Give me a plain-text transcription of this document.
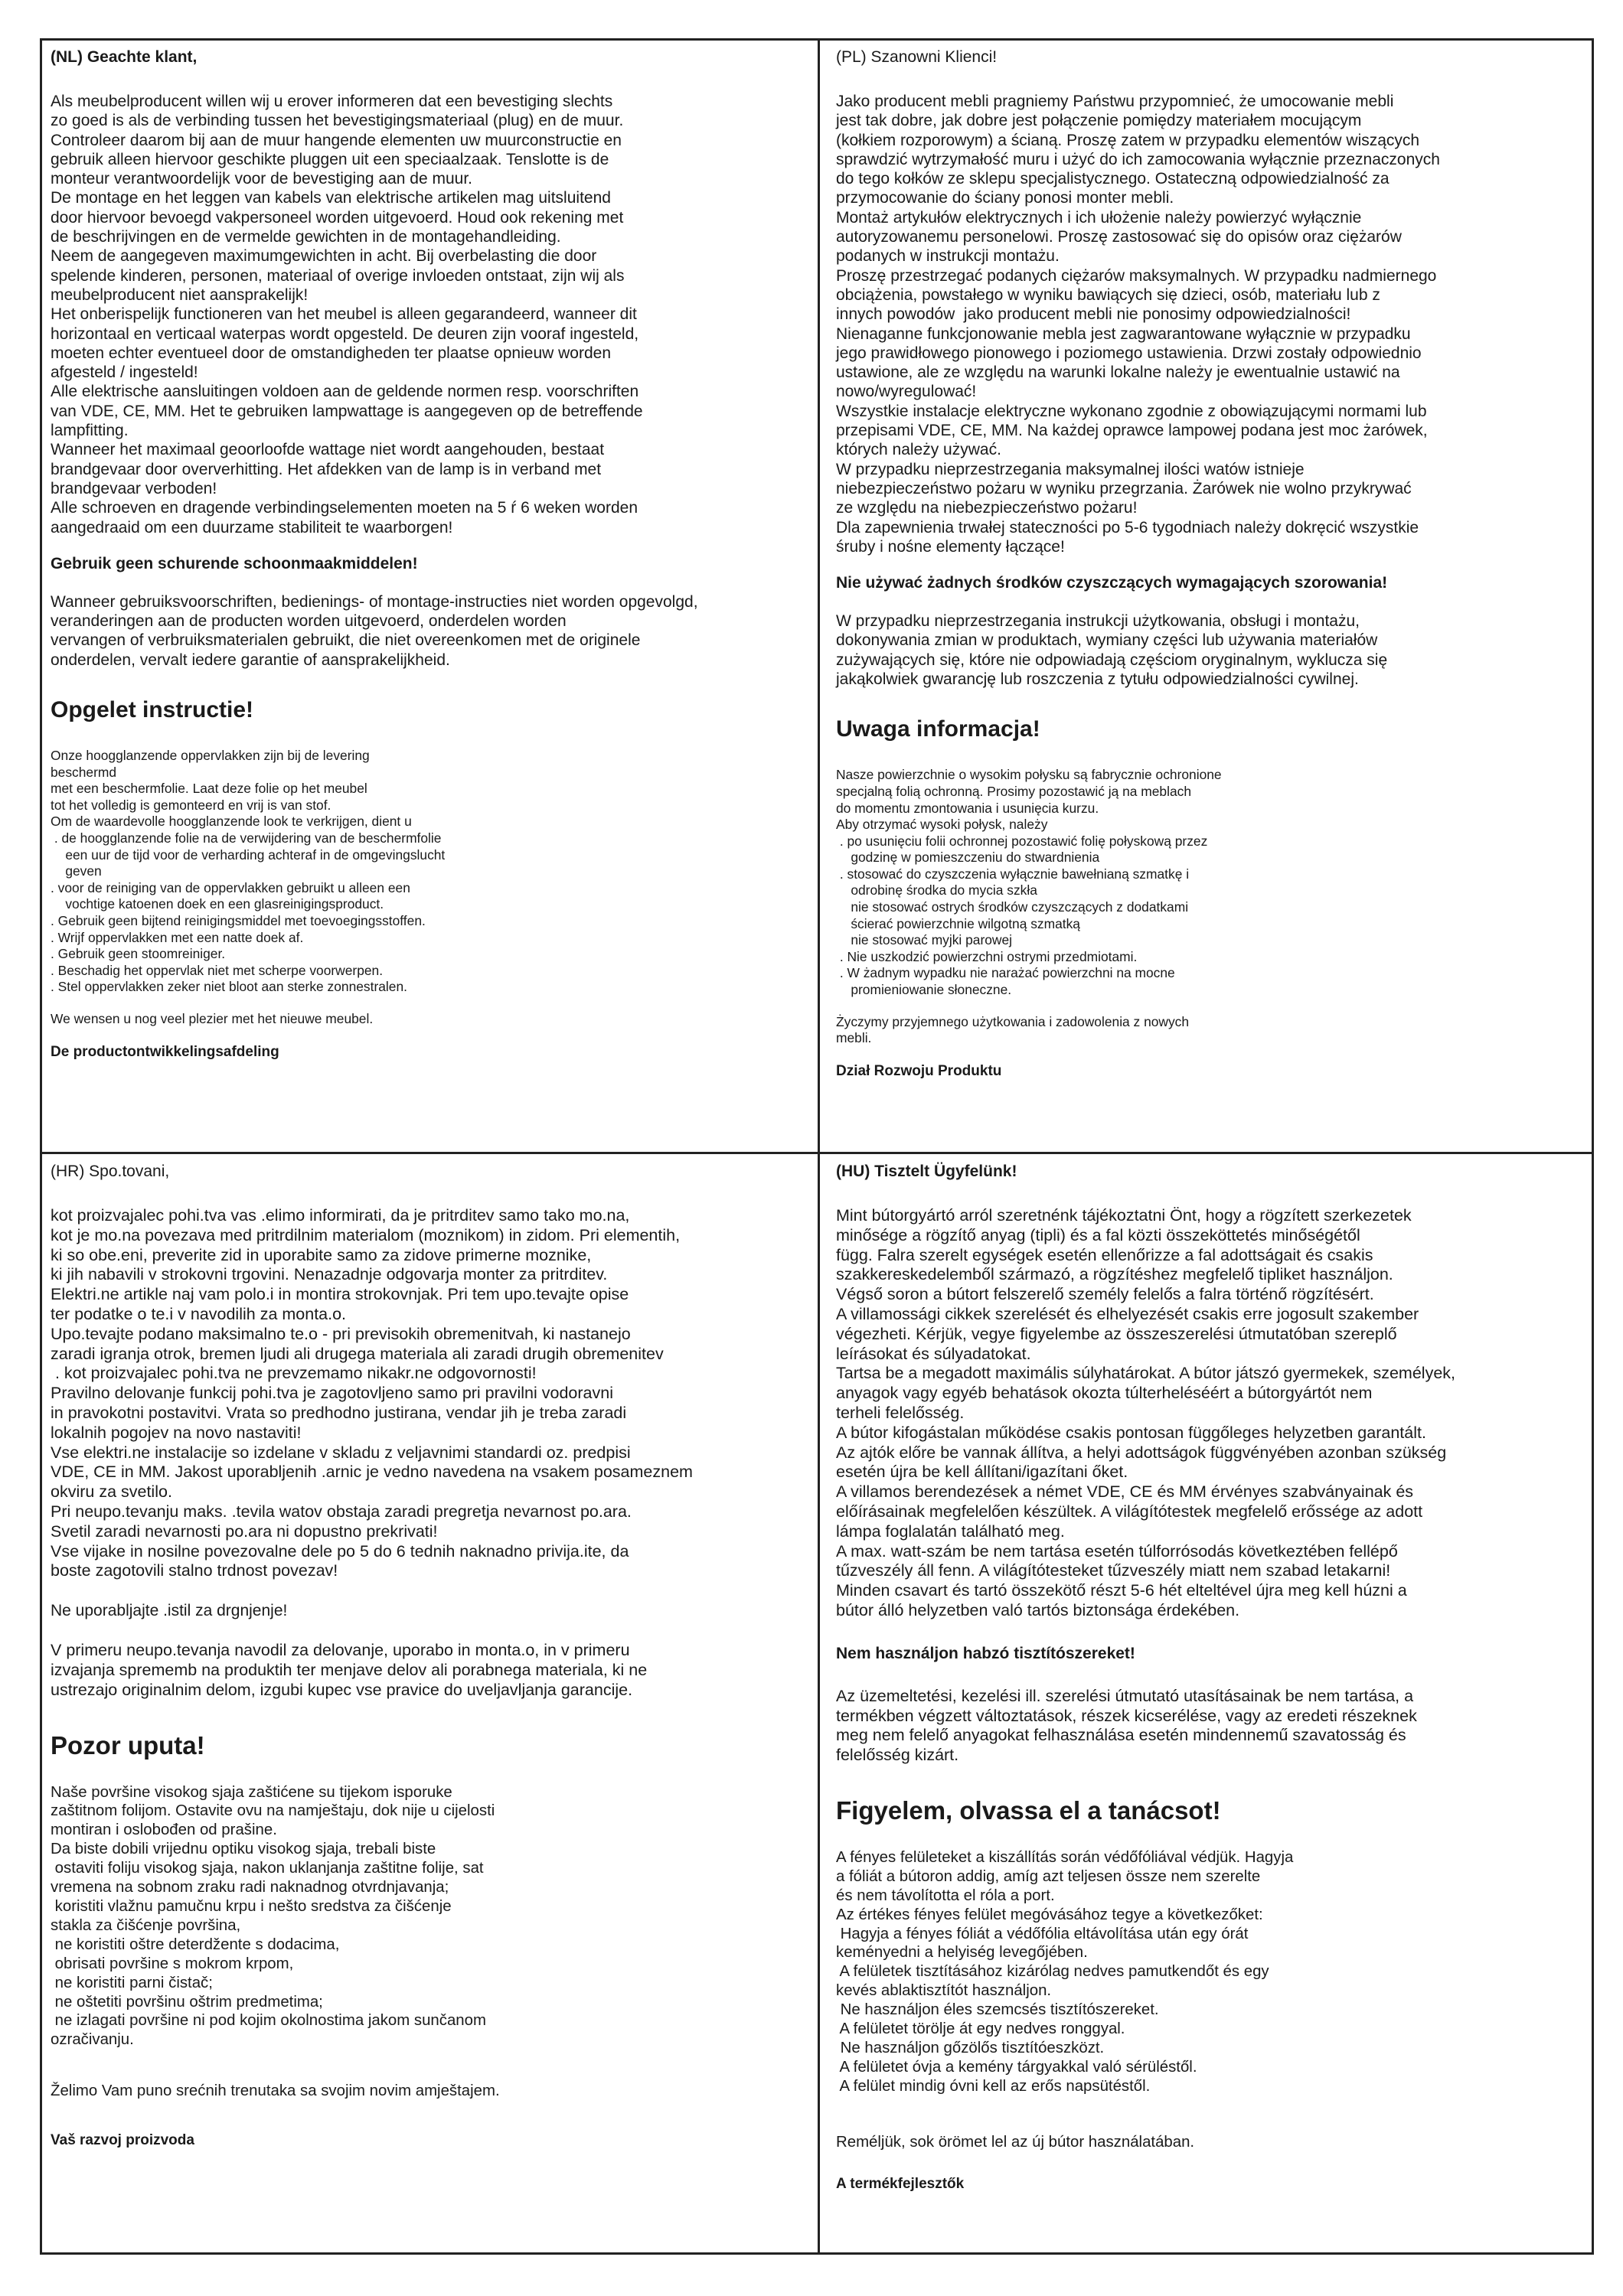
(NL) Geachte klant,
Als meubelproducent willen wij u erover informeren dat een bevestiging slechts
zo goed is als de verbinding tussen het bevestigingsmateriaal (plug) en de muur.
Controleer daarom bij aan de muur hangende elementen uw muurconstructie en
gebruik alleen hiervoor geschikte pluggen uit een speciaalzaak. Tenslotte is de
monteur verantwoordelijk voor de bevestiging aan de muur.
De montage en het leggen van kabels van elektrische artikelen mag uitsluitend
door hiervoor bevoegd vakpersoneel worden uitgevoerd. Houd ook rekening met
de beschrijvingen en de vermelde gewichten in de montagehandleiding.
Neem de aangegeven maximumgewichten in acht. Bij overbelasting die door
spelende kinderen, personen, materiaal of overige invloeden ontstaat, zijn wij als
meubelproducent niet aansprakelijk!
Het onberispelijk functioneren van het meubel is alleen gegarandeerd, wanneer dit
horizontaal en verticaal waterpas wordt opgesteld. De deuren zijn vooraf ingesteld,
moeten echter eventueel door de omstandigheden ter plaatse opnieuw worden
afgesteld / ingesteld!
Alle elektrische aansluitingen voldoen aan de geldende normen resp. voorschriften
van VDE, CE, MM. Het te gebruiken lampwattage is aangegeven op de betreffende
lampfitting.
Wanneer het maximaal geoorloofde wattage niet wordt aangehouden, bestaat
brandgevaar door oververhitting. Het afdekken van de lamp is in verband met
brandgevaar verboden!
Alle schroeven en dragende verbindingselementen moeten na 5 ŕ 6 weken worden
aangedraaid om een duurzame stabiliteit te waarborgen!
Gebruik geen schurende schoonmaakmiddelen!
Wanneer gebruiksvoorschriften, bedienings- of montage-instructies niet worden opgevolgd,
veranderingen aan de producten worden uitgevoerd, onderdelen worden
vervangen of verbruiksmaterialen gebruikt, die niet overeenkomen met de originele
onderdelen, vervalt iedere garantie of aansprakelijkheid.
Opgelet instructie!
Onze hoogglanzende oppervlakken zijn bij de levering
beschermd
met een beschermfolie. Laat deze folie op het meubel
tot het volledig is gemonteerd en vrij is van stof.
Om de waardevolle hoogglanzende look te verkrijgen, dient u
. de hoogglanzende folie na de verwijdering van de beschermfolie
een uur de tijd voor de verharding achteraf in de omgevingslucht
geven
. voor de reiniging van de oppervlakken gebruikt u alleen een
vochtige katoenen doek en een glasreinigingsproduct.
. Gebruik geen bijtend reinigingsmiddel met toevoegingsstoffen.
. Wrijf oppervlakken met een natte doek af.
. Gebruik geen stoomreiniger.
. Beschadig het oppervlak niet met scherpe voorwerpen.
. Stel oppervlakken zeker niet bloot aan sterke zonnestralen.
We wensen u nog veel plezier met het nieuwe meubel.
De productontwikkelingsafdeling
(PL) Szanowni Klienci!
Jako producent mebli pragniemy Państwu przypomnieć, że umocowanie mebli
jest tak dobre, jak dobre jest połączenie pomiędzy materiałem mocującym
(kołkiem rozporowym) a ścianą. Proszę zatem w przypadku elementów wiszących
sprawdzić wytrzymałość muru i użyć do ich zamocowania wyłącznie przeznaczonych
do tego kołków ze sklepu specjalistycznego. Ostateczną odpowiedzialność za
przymocowanie do ściany ponosi monter mebli.
Montaż artykułów elektrycznych i ich ułożenie należy powierzyć wyłącznie
autoryzowanemu personelowi. Proszę zastosować się do opisów oraz ciężarów
podanych w instrukcji montażu.
Proszę przestrzegać podanych ciężarów maksymalnych. W przypadku nadmiernego
obciążenia, powstałego w wyniku bawiących się dzieci, osób, materiału lub z
innych powodów  jako producent mebli nie ponosimy odpowiedzialności!
Nienaganne funkcjonowanie mebla jest zagwarantowane wyłącznie w przypadku
jego prawidłowego pionowego i poziomego ustawienia. Drzwi zostały odpowiednio
ustawione, ale ze względu na warunki lokalne należy je ewentualnie ustawić na
nowo/wyregulować!
Wszystkie instalacje elektryczne wykonano zgodnie z obowiązującymi normami lub
przepisami VDE, CE, MM. Na każdej oprawce lampowej podana jest moc żarówek,
których należy używać.
W przypadku nieprzestrzegania maksymalnej ilości watów istnieje
niebezpieczeństwo pożaru w wyniku przegrzania. Żarówek nie wolno przykrywać
ze względu na niebezpieczeństwo pożaru!
Dla zapewnienia trwałej stateczności po 5-6 tygodniach należy dokręcić wszystkie
śruby i nośne elementy łączące!
Nie używać żadnych środków czyszczących wymagających szorowania!
W przypadku nieprzestrzegania instrukcji użytkowania, obsługi i montażu,
dokonywania zmian w produktach, wymiany części lub używania materiałów
zużywających się, które nie odpowiadają częściom oryginalnym, wyklucza się
jakąkolwiek gwarancję lub roszczenia z tytułu odpowiedzialności cywilnej.
Uwaga informacja!
Nasze powierzchnie o wysokim połysku są fabrycznie ochronione
specjalną folią ochronną. Prosimy pozostawić ją na meblach
do momentu zmontowania i usunięcia kurzu.
Aby otrzymać wysoki połysk, należy
. po usunięciu folii ochronnej pozostawić folię połyskową przez
godzinę w pomieszczeniu do stwardnienia
. stosować do czyszczenia wyłącznie bawełnianą szmatkę i
odrobinę środka do mycia szkła
nie stosować ostrych środków czyszczących z dodatkami
ścierać powierzchnie wilgotną szmatką
nie stosować myjki parowej
. Nie uszkodzić powierzchni ostrymi przedmiotami.
. W żadnym wypadku nie narażać powierzchni na mocne
promieniowanie słoneczne.
Życzymy przyjemnego użytkowania i zadowolenia z nowych
mebli.
Dział Rozwoju Produktu
(HR) Spo.tovani,
kot proizvajalec pohi.tva vas .elimo informirati, da je pritrditev samo tako mo.na,
kot je mo.na povezava med pritrdilnim materialom (moznikom) in zidom. Pri elementih,
ki so obe.eni, preverite zid in uporabite samo za zidove primerne moznike,
ki jih nabavili v strokovni trgovini. Nenazadnje odgovarja monter za pritrditev.
Elektri.ne artikle naj vam polo.i in montira strokovnjak. Pri tem upo.tevajte opise
ter podatke o te.i v navodilih za monta.o.
Upo.tevajte podano maksimalno te.o - pri previsokih obremenitvah, ki nastanejo
zaradi igranja otrok, bremen ljudi ali drugega materiala ali zaradi drugih obremenitev
. kot proizvajalec pohi.tva ne prevzemamo nikakr.ne odgovornosti!
Pravilno delovanje funkcij pohi.tva je zagotovljeno samo pri pravilni vodoravni
in pravokotni postavitvi. Vrata so predhodno justirana, vendar jih je treba zaradi
lokalnih pogojev na novo nastaviti!
Vse elektri.ne instalacije so izdelane v skladu z veljavnimi standardi oz. predpisi
VDE, CE in MM. Jakost uporabljenih .arnic je vedno navedena na vsakem posameznem
okviru za svetilo.
Pri neupo.tevanju maks. .tevila watov obstaja zaradi pregretja nevarnost po.ara.
Svetil zaradi nevarnosti po.ara ni dopustno prekrivati!
Vse vijake in nosilne povezovalne dele po 5 do 6 tednih naknadno privija.ite, da
boste zagotovili stalno trdnost povezav!
Ne uporabljajte .istil za drgnjenje!
V primeru neupo.tevanja navodil za delovanje, uporabo in monta.o, in v primeru
izvajanja sprememb na produktih ter menjave delov ali porabnega materiala, ki ne
ustrezajo originalnim delom, izgubi kupec vse pravice do uveljavljanja garancije.
Pozor uputa!
Naše površine visokog sjaja zaštićene su tijekom isporuke
zaštitnom folijom. Ostavite ovu na namještaju, dok nije u cijelosti
montiran i oslobođen od prašine.
Da biste dobili vrijednu optiku visokog sjaja, trebali biste
ostaviti foliju visokog sjaja, nakon uklanjanja zaštitne folije, sat
vremena na sobnom zraku radi naknadnog otvrdnjavanja;
koristiti vlažnu pamučnu krpu i nešto sredstva za čišćenje
stakla za čišćenje površina,
ne koristiti oštre deterdžente s dodacima,
obrisati površine s mokrom krpom,
ne koristiti parni čistač;
ne oštetiti površinu oštrim predmetima;
ne izlagati površine ni pod kojim okolnostima jakom sunčanom
ozračivanju.
Želimo Vam puno srećnih trenutaka sa svojim novim amještajem.
Vaš razvoj proizvoda
(HU) Tisztelt Ügyfelünk!
Mint bútorgyártó arról szeretnénk tájékoztatni Önt, hogy a rögzített szerkezetek
minősége a rögzítő anyag (tipli) és a fal közti összeköttetés minőségétől
függ. Falra szerelt egységek esetén ellenőrizze a fal adottságait és csakis
szakkereskedelemből származó, a rögzítéshez megfelelő tipliket használjon.
Végső soron a bútort felszerelő személy felelős a falra történő rögzítésért.
A villamossági cikkek szerelését és elhelyezését csakis erre jogosult szakember
végezheti. Kérjük, vegye figyelembe az összeszerelési útmutatóban szereplő
leírásokat és súlyadatokat.
Tartsa be a megadott maximális súlyhatárokat. A bútor játszó gyermekek, személyek,
anyagok vagy egyéb behatások okozta túlterheléséért a bútorgyártót nem
terheli felelősség.
A bútor kifogástalan működése csakis pontosan függőleges helyzetben garantált.
Az ajtók előre be vannak állítva, a helyi adottságok függvényében azonban szükség
esetén újra be kell állítani/igazítani őket.
A villamos berendezések a német VDE, CE és MM érvényes szabványainak és
előírásainak megfelelően készültek. A világítótestek megfelelő erőssége az adott
lámpa foglalatán található meg.
A max. watt-szám be nem tartása esetén túlforrósodás következtében fellépő
tűzveszély áll fenn. A világítótesteket tűzveszély miatt nem szabad letakarni!
Minden csavart és tartó összekötő részt 5-6 hét elteltével újra meg kell húzni a
bútor álló helyzetben való tartós biztonsága érdekében.
Nem használjon habzó tisztítószereket!
Az üzemeltetési, kezelési ill. szerelési útmutató utasításainak be nem tartása, a
termékben végzett változtatások, részek kicserélése, vagy az eredeti részeknek
meg nem felelő anyagokat felhasználása esetén mindennemű szavatosság és
felelősség kizárt.
Figyelem, olvassa el a tanácsot!
A fényes felületeket a kiszállítás során védőfóliával védjük. Hagyja
a fóliát a bútoron addig, amíg azt teljesen össze nem szerelte
és nem távolította el róla a port.
Az értékes fényes felület megóvásához tegye a következőket:
Hagyja a fényes fóliát a védőfólia eltávolítása után egy órát
keményedni a helyiség levegőjében.
A felületek tisztításához kizárólag nedves pamutkendőt és egy
kevés ablaktisztítót használjon.
Ne használjon éles szemcsés tisztítószereket.
A felületet törölje át egy nedves ronggyal.
Ne használjon gőzölős tisztítóeszközt.
A felületet óvja a kemény tárgyakkal való sérüléstől.
A felület mindig óvni kell az erős napsütéstől.
Reméljük, sok örömet lel az új bútor használatában.
A termékfejlesztők
